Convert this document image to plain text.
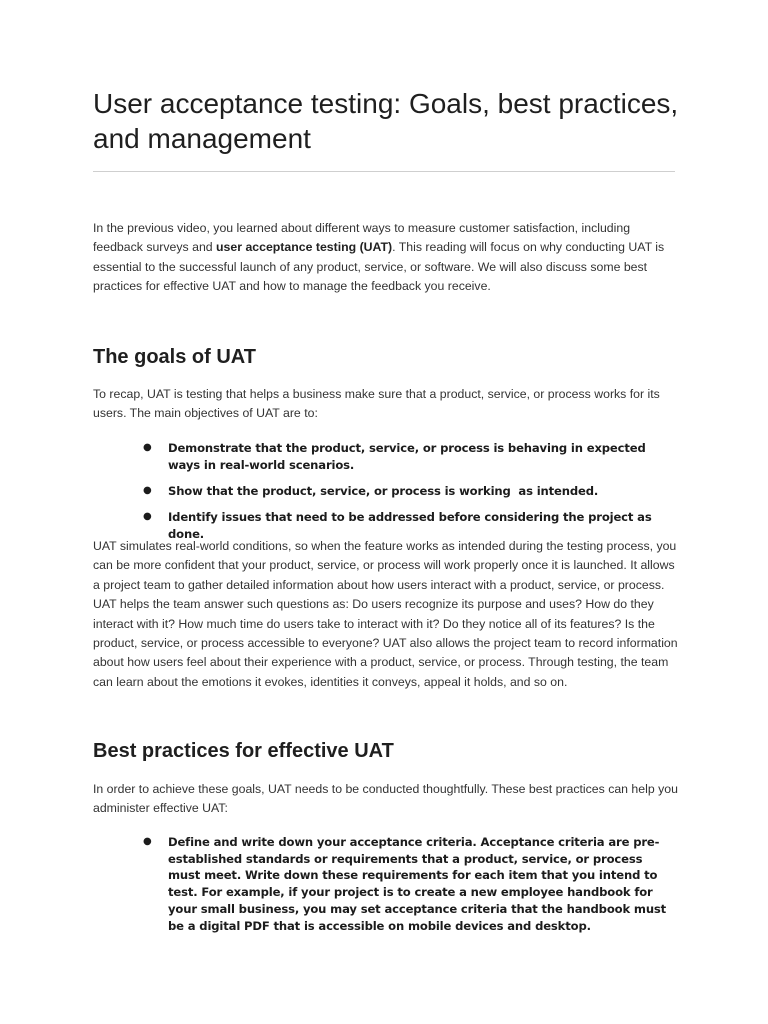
User acceptance testing: Goals, best practices, and management

In the previous video, you learned about different ways to measure customer satisfaction, including feedback surveys and user acceptance testing (UAT). This reading will focus on why conducting UAT is essential to the successful launch of any product, service, or software. We will also discuss some best practices for effective UAT and how to manage the feedback you receive.

The goals of UAT

To recap, UAT is testing that helps a business make sure that a product, service, or process works for its users. The main objectives of UAT are to:

● Demonstrate that the product, service, or process is behaving in expected ways in real-world scenarios.
● Show that the product, service, or process is working  as intended.
● Identify issues that need to be addressed before considering the project as done.

UAT simulates real-world conditions, so when the feature works as intended during the testing process, you can be more confident that your product, service, or process will work properly once it is launched. It allows a project team to gather detailed information about how users interact with a product, service, or process. UAT helps the team answer such questions as: Do users recognize its purpose and uses? How do they interact with it? How much time do users take to interact with it? Do they notice all of its features? Is the product, service, or process accessible to everyone? UAT also allows the project team to record information about how users feel about their experience with a product, service, or process. Through testing, the team can learn about the emotions it evokes, identities it conveys, appeal it holds, and so on.

Best practices for effective UAT

In order to achieve these goals, UAT needs to be conducted thoughtfully. These best practices can help you administer effective UAT:

● Define and write down your acceptance criteria. Acceptance criteria are pre-established standards or requirements that a product, service, or process must meet. Write down these requirements for each item that you intend to test. For example, if your project is to create a new employee handbook for your small business, you may set acceptance criteria that the handbook must be a digital PDF that is accessible on mobile devices and desktop.
